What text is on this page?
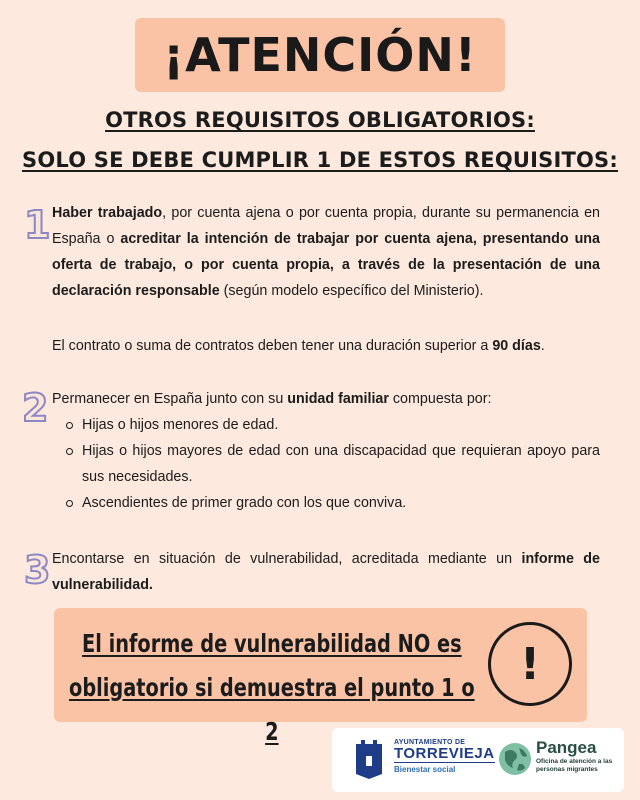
¡ATENCIÓN!
OTROS REQUISITOS OBLIGATORIOS:
SOLO SE DEBE CUMPLIR 1 DE ESTOS REQUISITOS:
1 Haber trabajado, por cuenta ajena o por cuenta propia, durante su permanencia en España o acreditar la intención de trabajar por cuenta ajena, presentando una oferta de trabajo, o por cuenta propia, a través de la presentación de una declaración responsable (según modelo específico del Ministerio).
El contrato o suma de contratos deben tener una duración superior a 90 días.
2 Permanecer en España junto con su unidad familiar compuesta por:
Hijas o hijos menores de edad.
Hijas o hijos mayores de edad con una discapacidad que requieran apoyo para sus necesidades.
Ascendientes de primer grado con los que conviva.
3 Encontarse en situación de vulnerabilidad, acreditada mediante un informe de vulnerabilidad.
El informe de vulnerabilidad NO es
obligatorio si demuestra el punto 1 o 2
!
AYUNTAMIENTO DE
TORREVIEJA
Bienestar social
Pangea
Oficina de atención a las
personas migrantes
